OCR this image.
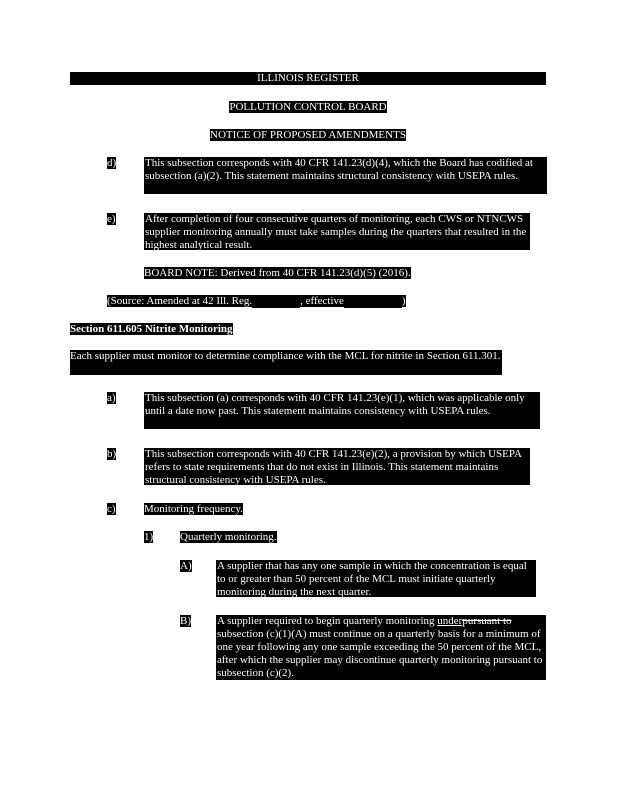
ILLINOIS REGISTER
POLLUTION CONTROL BOARD
NOTICE OF PROPOSED AMENDMENTS
d)	This subsection corresponds with 40 CFR 141.23(d)(4), which the Board has codified at subsection (a)(2). This statement maintains structural consistency with USEPA rules.
e)	After completion of four consecutive quarters of monitoring, each CWS or NTNCWS supplier monitoring annually must take samples during the quarters that resulted in the highest analytical result.
BOARD NOTE: Derived from 40 CFR 141.23(d)(5) (2016).
(Source: Amended at 42 Ill. Reg.	, effective	)
Section 611.605 Nitrite Monitoring
Each supplier must monitor to determine compliance with the MCL for nitrite in Section 611.301.
a)	This subsection (a) corresponds with 40 CFR 141.23(e)(1), which was applicable only until a date now past. This statement maintains consistency with USEPA rules.
b)	This subsection corresponds with 40 CFR 141.23(e)(2), a provision by which USEPA refers to state requirements that do not exist in Illinois. This statement maintains structural consistency with USEPA rules.
c)	Monitoring frequency.
1) Quarterly monitoring.
A) A supplier that has any one sample in which the concentration is equal to or greater than 50 percent of the MCL must initiate quarterly monitoring during the next quarter.
B) A supplier required to begin quarterly monitoring underpursuant to subsection (c)(1)(A) must continue on a quarterly basis for a minimum of one year following any one sample exceeding the 50 percent of the MCL, after which the supplier may discontinue quarterly monitoring pursuant to subsection (c)(2).
